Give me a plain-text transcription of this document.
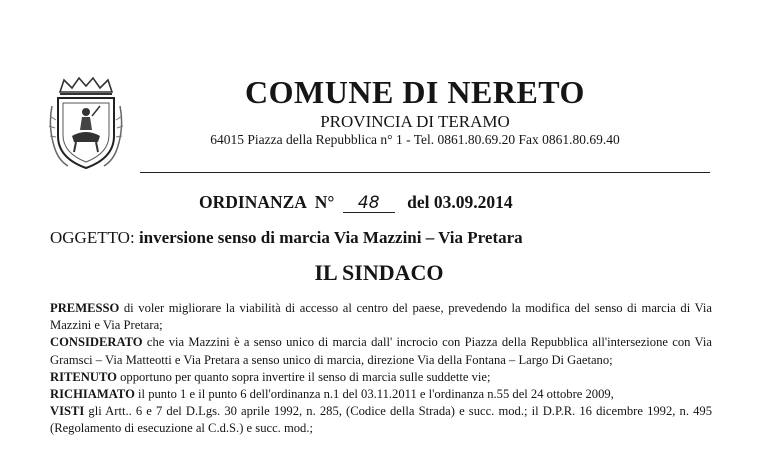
COMUNE DI NERETO
PROVINCIA DI TERAMO
64015 Piazza della Repubblica n° 1 - Tel. 0861.80.69.20 Fax 0861.80.69.40
ORDINANZA  N° 48 del 03.09.2014
OGGETTO: inversione senso di marcia Via Mazzini – Via Pretara
IL SINDACO

PREMESSO di voler migliorare la viabilità di accesso al centro del paese, prevedendo la modifica del senso di marcia di Via Mazzini e Via Pretara;

CONSIDERATO che via Mazzini è a senso unico di marcia dall' incrocio con Piazza della Repubblica all'intersezione con Via Gramsci – Via Matteotti e Via Pretara a senso unico di marcia, direzione Via della Fontana – Largo Di Gaetano;

RITENUTO opportuno per quanto sopra invertire il senso di marcia sulle suddette vie;

RICHIAMATO il punto 1 e il punto 6 dell'ordinanza n.1 del 03.11.2011 e l'ordinanza n.55 del 24 ottobre 2009,

VISTI gli Artt.. 6 e 7 del D.Lgs. 30 aprile 1992, n. 285, (Codice della Strada) e succ. mod.; il D.P.R. 16 dicembre 1992, n. 495 (Regolamento di esecuzione al C.d.S.) e succ. mod.;
